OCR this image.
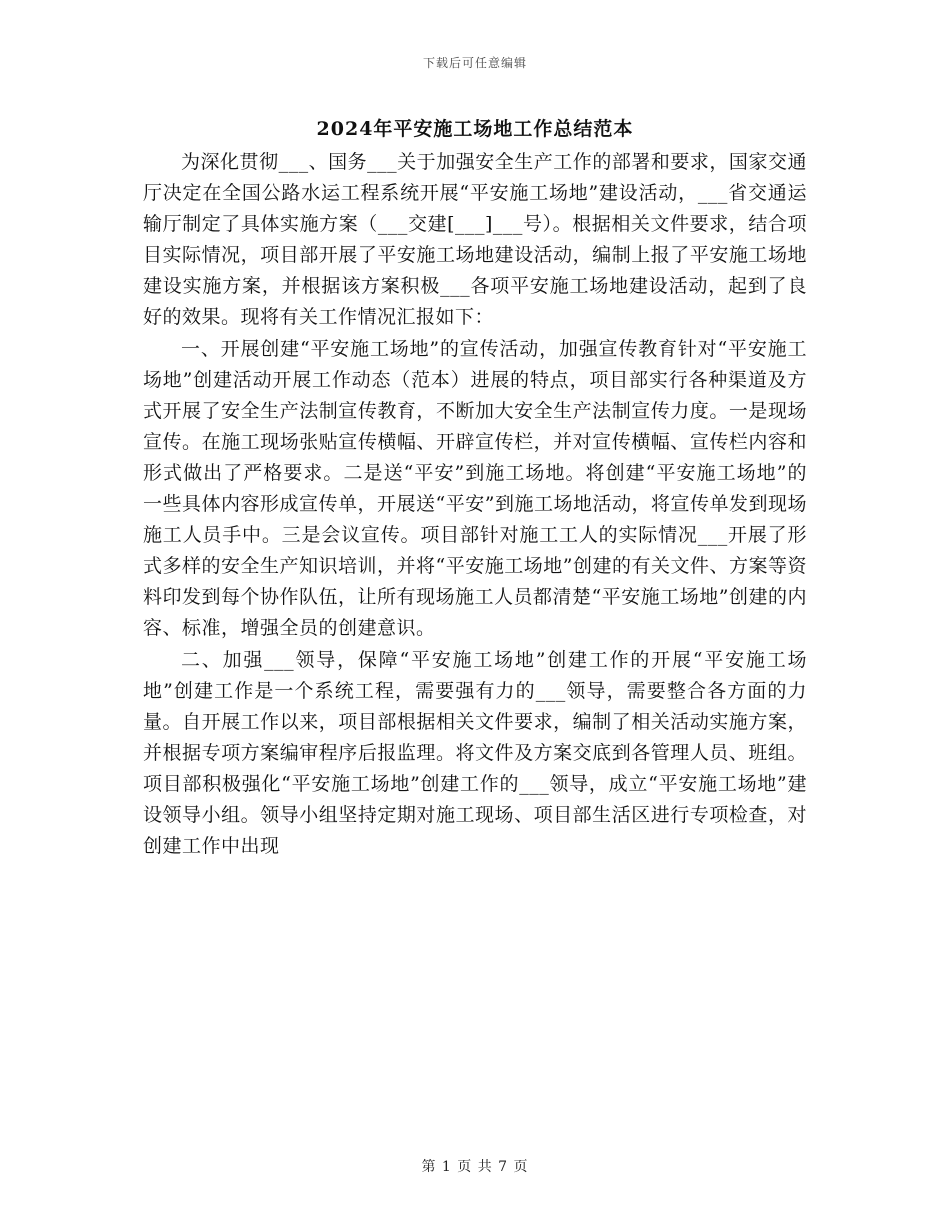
下载后可任意编辑
2024年平安施工场地工作总结范本

为深化贯彻___、国务___关于加强安全生产工作的部署和要求，国家交通厅决定在全国公路水运工程系统开展“平安施工场地”建设活动，___省交通运输厅制定了具体实施方案（___交建[___]___号）。根据相关文件要求，结合项目实际情况，项目部开展了平安施工场地建设活动，编制上报了平安施工场地建设实施方案，并根据该方案积极___各项平安施工场地建设活动，起到了良好的效果。现将有关工作情况汇报如下：

一、开展创建“平安施工场地”的宣传活动，加强宣传教育针对“平安施工场地”创建活动开展工作动态（范本）进展的特点，项目部实行各种渠道及方式开展了安全生产法制宣传教育，不断加大安全生产法制宣传力度。一是现场宣传。在施工现场张贴宣传横幅、开辟宣传栏，并对宣传横幅、宣传栏内容和形式做出了严格要求。二是送“平安”到施工场地。将创建“平安施工场地”的一些具体内容形成宣传单，开展送“平安”到施工场地活动，将宣传单发到现场施工人员手中。三是会议宣传。项目部针对施工工人的实际情况___开展了形式多样的安全生产知识培训，并将“平安施工场地”创建的有关文件、方案等资料印发到每个协作队伍，让所有现场施工人员都清楚“平安施工场地”创建的内容、标准，增强全员的创建意识。

二、加强___领导，保障“平安施工场地”创建工作的开展“平安施工场地”创建工作是一个系统工程，需要强有力的___领导，需要整合各方面的力量。自开展工作以来，项目部根据相关文件要求，编制了相关活动实施方案，并根据专项方案编审程序后报监理。将文件及方案交底到各管理人员、班组。项目部积极强化“平安施工场地”创建工作的___领导，成立“平安施工场地”建设领导小组。领导小组坚持定期对施工现场、项目部生活区进行专项检查，对创建工作中出现

第 1 页 共 7 页
